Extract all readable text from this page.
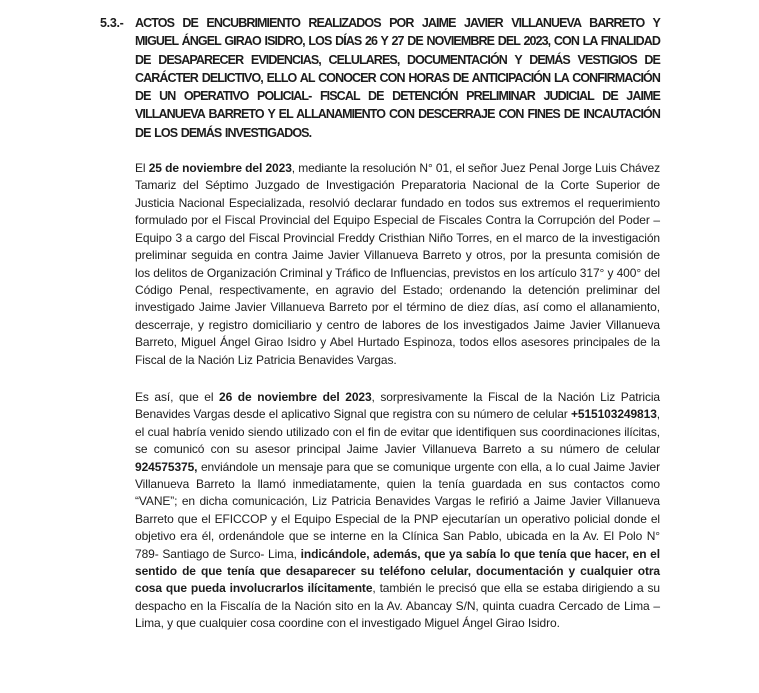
5.3.- ACTOS DE ENCUBRIMIENTO REALIZADOS POR JAIME JAVIER VILLANUEVA BARRETO Y MIGUEL ÁNGEL GIRAO ISIDRO, LOS DÍAS 26 Y 27 DE NOVIEMBRE DEL 2023, CON LA FINALIDAD DE DESAPARECER EVIDENCIAS, CELULARES, DOCUMENTACIÓN Y DEMÁS VESTIGIOS DE CARÁCTER DELICTIVO, ELLO AL CONOCER CON HORAS DE ANTICIPACIÓN LA CONFIRMACIÓN DE UN OPERATIVO POLICIAL- FISCAL DE DETENCIÓN PRELIMINAR JUDICIAL DE JAIME VILLANUEVA BARRETO Y EL ALLANAMIENTO CON DESCERRAJE CON FINES DE INCAUTACIÓN DE LOS DEMÁS INVESTIGADOS.

El 25 de noviembre del 2023, mediante la resolución N° 01, el señor Juez Penal Jorge Luis Chávez Tamariz del Séptimo Juzgado de Investigación Preparatoria Nacional de la Corte Superior de Justicia Nacional Especializada, resolvió declarar fundado en todos sus extremos el requerimiento formulado por el Fiscal Provincial del Equipo Especial de Fiscales Contra la Corrupción del Poder – Equipo 3 a cargo del Fiscal Provincial Freddy Cristhian Niño Torres, en el marco de la investigación preliminar seguida en contra Jaime Javier Villanueva Barreto y otros, por la presunta comisión de los delitos de Organización Criminal y Tráfico de Influencias, previstos en los artículo 317° y 400° del Código Penal, respectivamente, en agravio del Estado; ordenando la detención preliminar del investigado Jaime Javier Villanueva Barreto por el término de diez días, así como el allanamiento, descerraje, y registro domiciliario y centro de labores de los investigados Jaime Javier Villanueva Barreto, Miguel Ángel Girao Isidro y Abel Hurtado Espinoza, todos ellos asesores principales de la Fiscal de la Nación Liz Patricia Benavides Vargas.

Es así, que el 26 de noviembre del 2023, sorpresivamente la Fiscal de la Nación Liz Patricia Benavides Vargas desde el aplicativo Signal que registra con su número de celular +515103249813, el cual habría venido siendo utilizado con el fin de evitar que identifiquen sus coordinaciones ilícitas, se comunicó con su asesor principal Jaime Javier Villanueva Barreto a su número de celular 924575375, enviándole un mensaje para que se comunique urgente con ella, a lo cual Jaime Javier Villanueva Barreto la llamó inmediatamente, quien la tenía guardada en sus contactos como “VANE”; en dicha comunicación, Liz Patricia Benavides Vargas le refirió a Jaime Javier Villanueva Barreto que el EFICCOP y el Equipo Especial de la PNP ejecutarían un operativo policial donde el objetivo era él, ordenándole que se interne en la Clínica San Pablo, ubicada en la Av. El Polo N° 789- Santiago de Surco- Lima, indicándole, además, que ya sabía lo que tenía que hacer, en el sentido de que tenía que desaparecer su teléfono celular, documentación y cualquier otra cosa que pueda involucrarlos ilícitamente, también le precisó que ella se estaba dirigiendo a su despacho en la Fiscalía de la Nación sito en la Av. Abancay S/N, quinta cuadra Cercado de Lima – Lima, y que cualquier cosa coordine con el investigado Miguel Ángel Girao Isidro.
